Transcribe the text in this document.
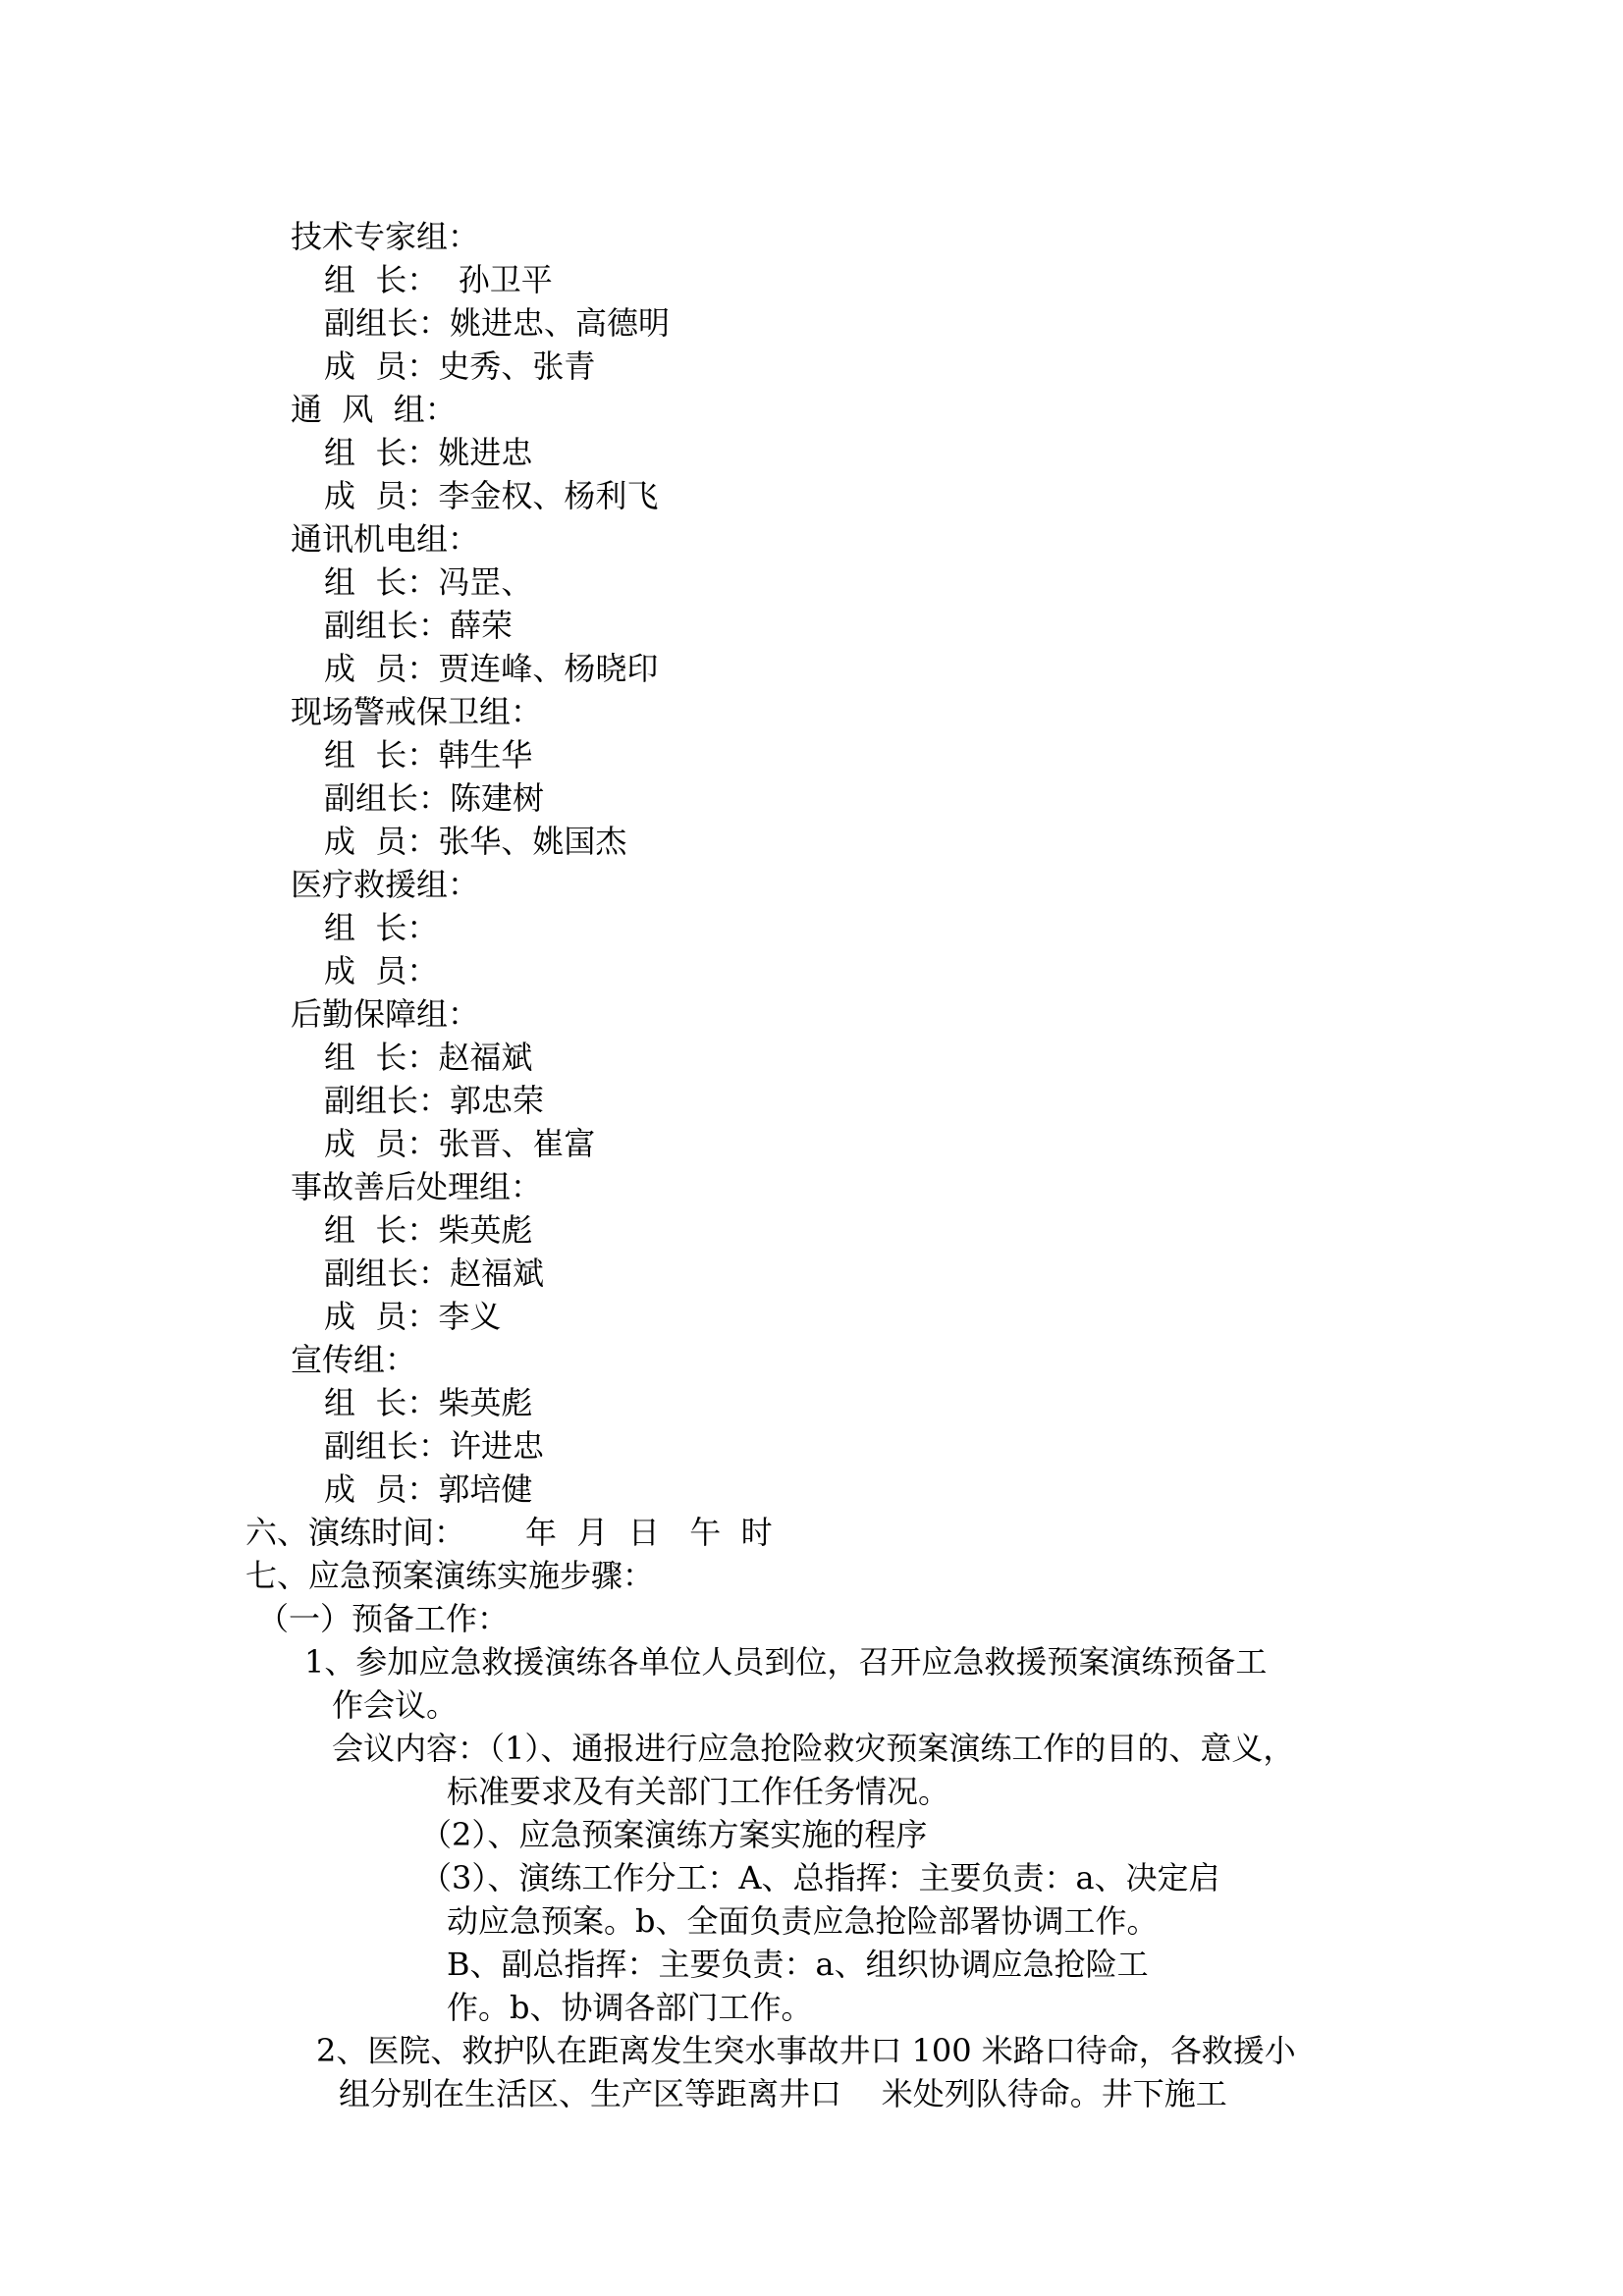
技术专家组：
组  长：  孙卫平
副组长：姚进忠、高德明
成  员：史秀、张青
通  风  组：
组  长：姚进忠
成  员：李金权、杨利飞
通讯机电组：
组  长：冯罡、
副组长：薛荣
成  员：贾连峰、杨晓印
现场警戒保卫组：
组  长：韩生华
副组长：陈建树
成  员：张华、姚国杰
医疗救援组：
组  长：
成  员：
后勤保障组：
组  长：赵福斌
副组长：郭忠荣
成  员：张晋、崔富
事故善后处理组：
组  长：柴英彪
副组长：赵福斌
成  员：李义
宣传组：
组  长：柴英彪
副组长：许进忠
成  员：郭培健
六、演练时间：      年  月  日   午  时
七、应急预案演练实施步骤：
（一）预备工作：
1、参加应急救援演练各单位人员到位，召开应急救援预案演练预备工
作会议。
会议内容：（1）、通报进行应急抢险救灾预案演练工作的目的、意义，
标准要求及有关部门工作任务情况。
（2）、应急预案演练方案实施的程序
（3）、演练工作分工：A、总指挥：主要负责：a、决定启
动应急预案。b、全面负责应急抢险部署协调工作。
B、副总指挥：主要负责：a、组织协调应急抢险工
作。b、协调各部门工作。
2、医院、救护队在距离发生突水事故井口 100 米路口待命，各救援小
组分别在生活区、生产区等距离井口    米处列队待命。井下施工
